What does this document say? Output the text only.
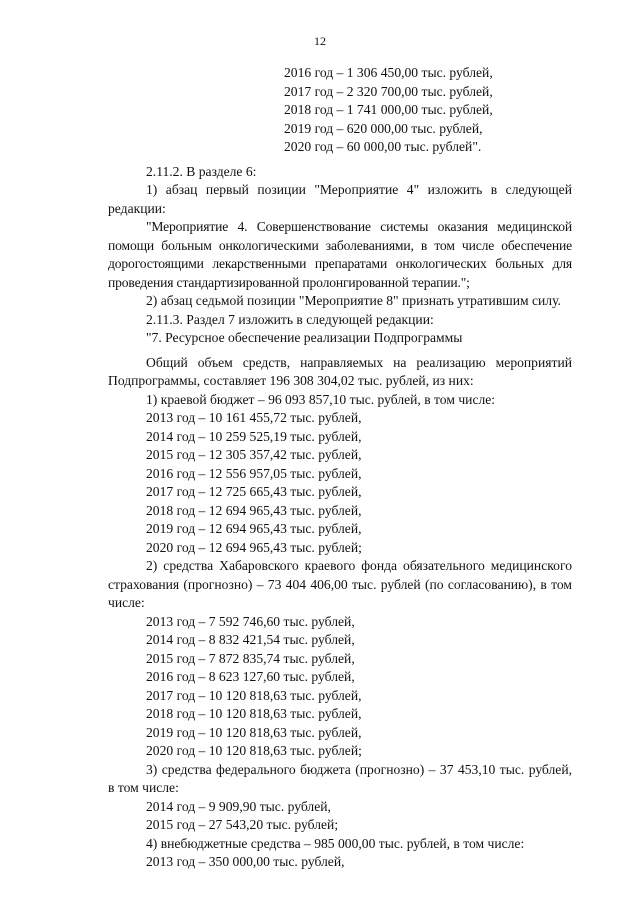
12

2016 год – 1 306 450,00 тыс. рублей,

2017 год – 2 320 700,00 тыс. рублей,

2018 год – 1 741 000,00 тыс. рублей,

2019 год – 620 000,00 тыс. рублей,

2020 год – 60 000,00 тыс. рублей".

2.11.2. В разделе 6:

1) абзац первый позиции "Мероприятие 4" изложить в следующей редакции:

"Мероприятие 4. Совершенствование системы оказания медицинской помощи больным онкологическими заболеваниями, в том числе обеспечение дорогостоящими лекарственными препаратами онкологических больных для проведения стандартизированной пролонгированной терапии.";

2) абзац седьмой позиции "Мероприятие 8" признать утратившим силу.

2.11.3. Раздел 7 изложить в следующей редакции:

"7. Ресурсное обеспечение реализации Подпрограммы

Общий объем средств, направляемых на реализацию мероприятий Подпрограммы, составляет 196 308 304,02 тыс. рублей, из них:

1) краевой бюджет – 96 093 857,10 тыс. рублей, в том числе:

2013 год – 10 161 455,72 тыс. рублей,

2014 год – 10 259 525,19 тыс. рублей,

2015 год – 12 305 357,42 тыс. рублей,

2016 год – 12 556 957,05 тыс. рублей,

2017 год – 12 725 665,43 тыс. рублей,

2018 год – 12 694 965,43 тыс. рублей,

2019 год – 12 694 965,43 тыс. рублей,

2020 год – 12 694 965,43 тыс. рублей;

2) средства Хабаровского краевого фонда обязательного медицинского страхования (прогнозно) – 73 404 406,00 тыс. рублей (по согласованию), в том числе:

2013 год – 7 592 746,60 тыс. рублей,

2014 год – 8 832 421,54 тыс. рублей,

2015 год – 7 872 835,74 тыс. рублей,

2016 год – 8 623 127,60 тыс. рублей,

2017 год – 10 120 818,63 тыс. рублей,

2018 год – 10 120 818,63 тыс. рублей,

2019 год – 10 120 818,63 тыс. рублей,

2020 год – 10 120 818,63 тыс. рублей;

3) средства федерального бюджета (прогнозно) – 37 453,10 тыс. рублей, в том числе:

2014 год – 9 909,90 тыс. рублей,

2015 год – 27 543,20 тыс. рублей;

4) внебюджетные средства – 985 000,00 тыс. рублей, в том числе:

2013 год – 350 000,00 тыс. рублей,
